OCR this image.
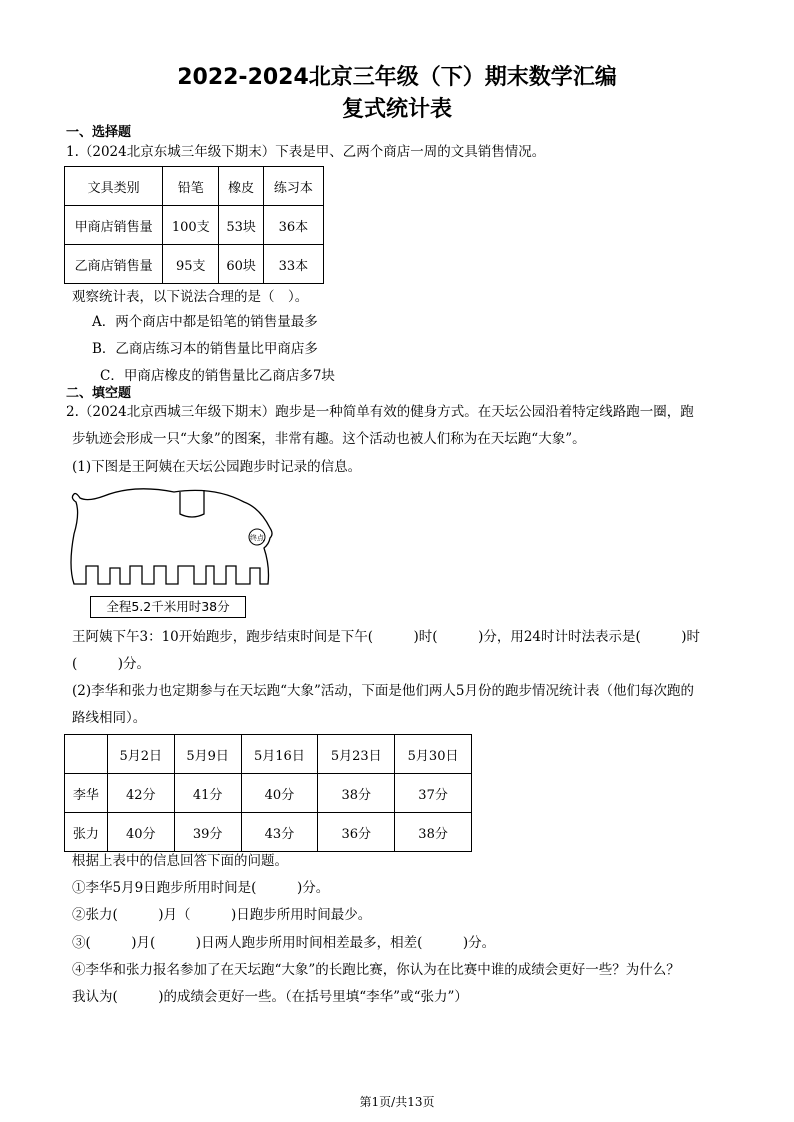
2022-2024北京三年级（下）期末数学汇编
复式统计表
一、选择题
1.（2024北京东城三年级下期末）下表是甲、乙两个商店一周的文具销售情况。
文具类别	铅笔	橡皮	练习本
甲商店销售量	100支	53块	36本
乙商店销售量	95支	60块	33本
观察统计表，以下说法合理的是（　）。
A．两个商店中都是铅笔的销售量最多
B．乙商店练习本的销售量比甲商店多
C．甲商店橡皮的销售量比乙商店多7块
二、填空题
2.（2024北京西城三年级下期末）跑步是一种简单有效的健身方式。在天坛公园沿着特定线路跑一圈，跑
步轨迹会形成一只“大象”的图案，非常有趣。这个活动也被人们称为在天坛跑“大象”。
(1)下图是王阿姨在天坛公园跑步时记录的信息。
终点
全程5.2千米用时38分
王阿姨下午3：10开始跑步，跑步结束时间是下午(　　　)时(　　　)分，用24时计时法表示是(　　　)时
(　　　)分。
(2)李华和张力也定期参与在天坛跑“大象”活动，下面是他们两人5月份的跑步情况统计表（他们每次跑的
路线相同）。
	5月2日	5月9日	5月16日	5月23日	5月30日
李华	42分	41分	40分	38分	37分
张力	40分	39分	43分	36分	38分
根据上表中的信息回答下面的问题。
①李华5月9日跑步所用时间是(　　　)分。
②张力(　　　)月（　　　)日跑步所用时间最少。
③(　　　)月(　　　)日两人跑步所用时间相差最多，相差(　　　)分。
④李华和张力报名参加了在天坛跑“大象”的长跑比赛，你认为在比赛中谁的成绩会更好一些？为什么？
我认为(　　　)的成绩会更好一些。（在括号里填“李华”或“张力”）
第1页/共13页
